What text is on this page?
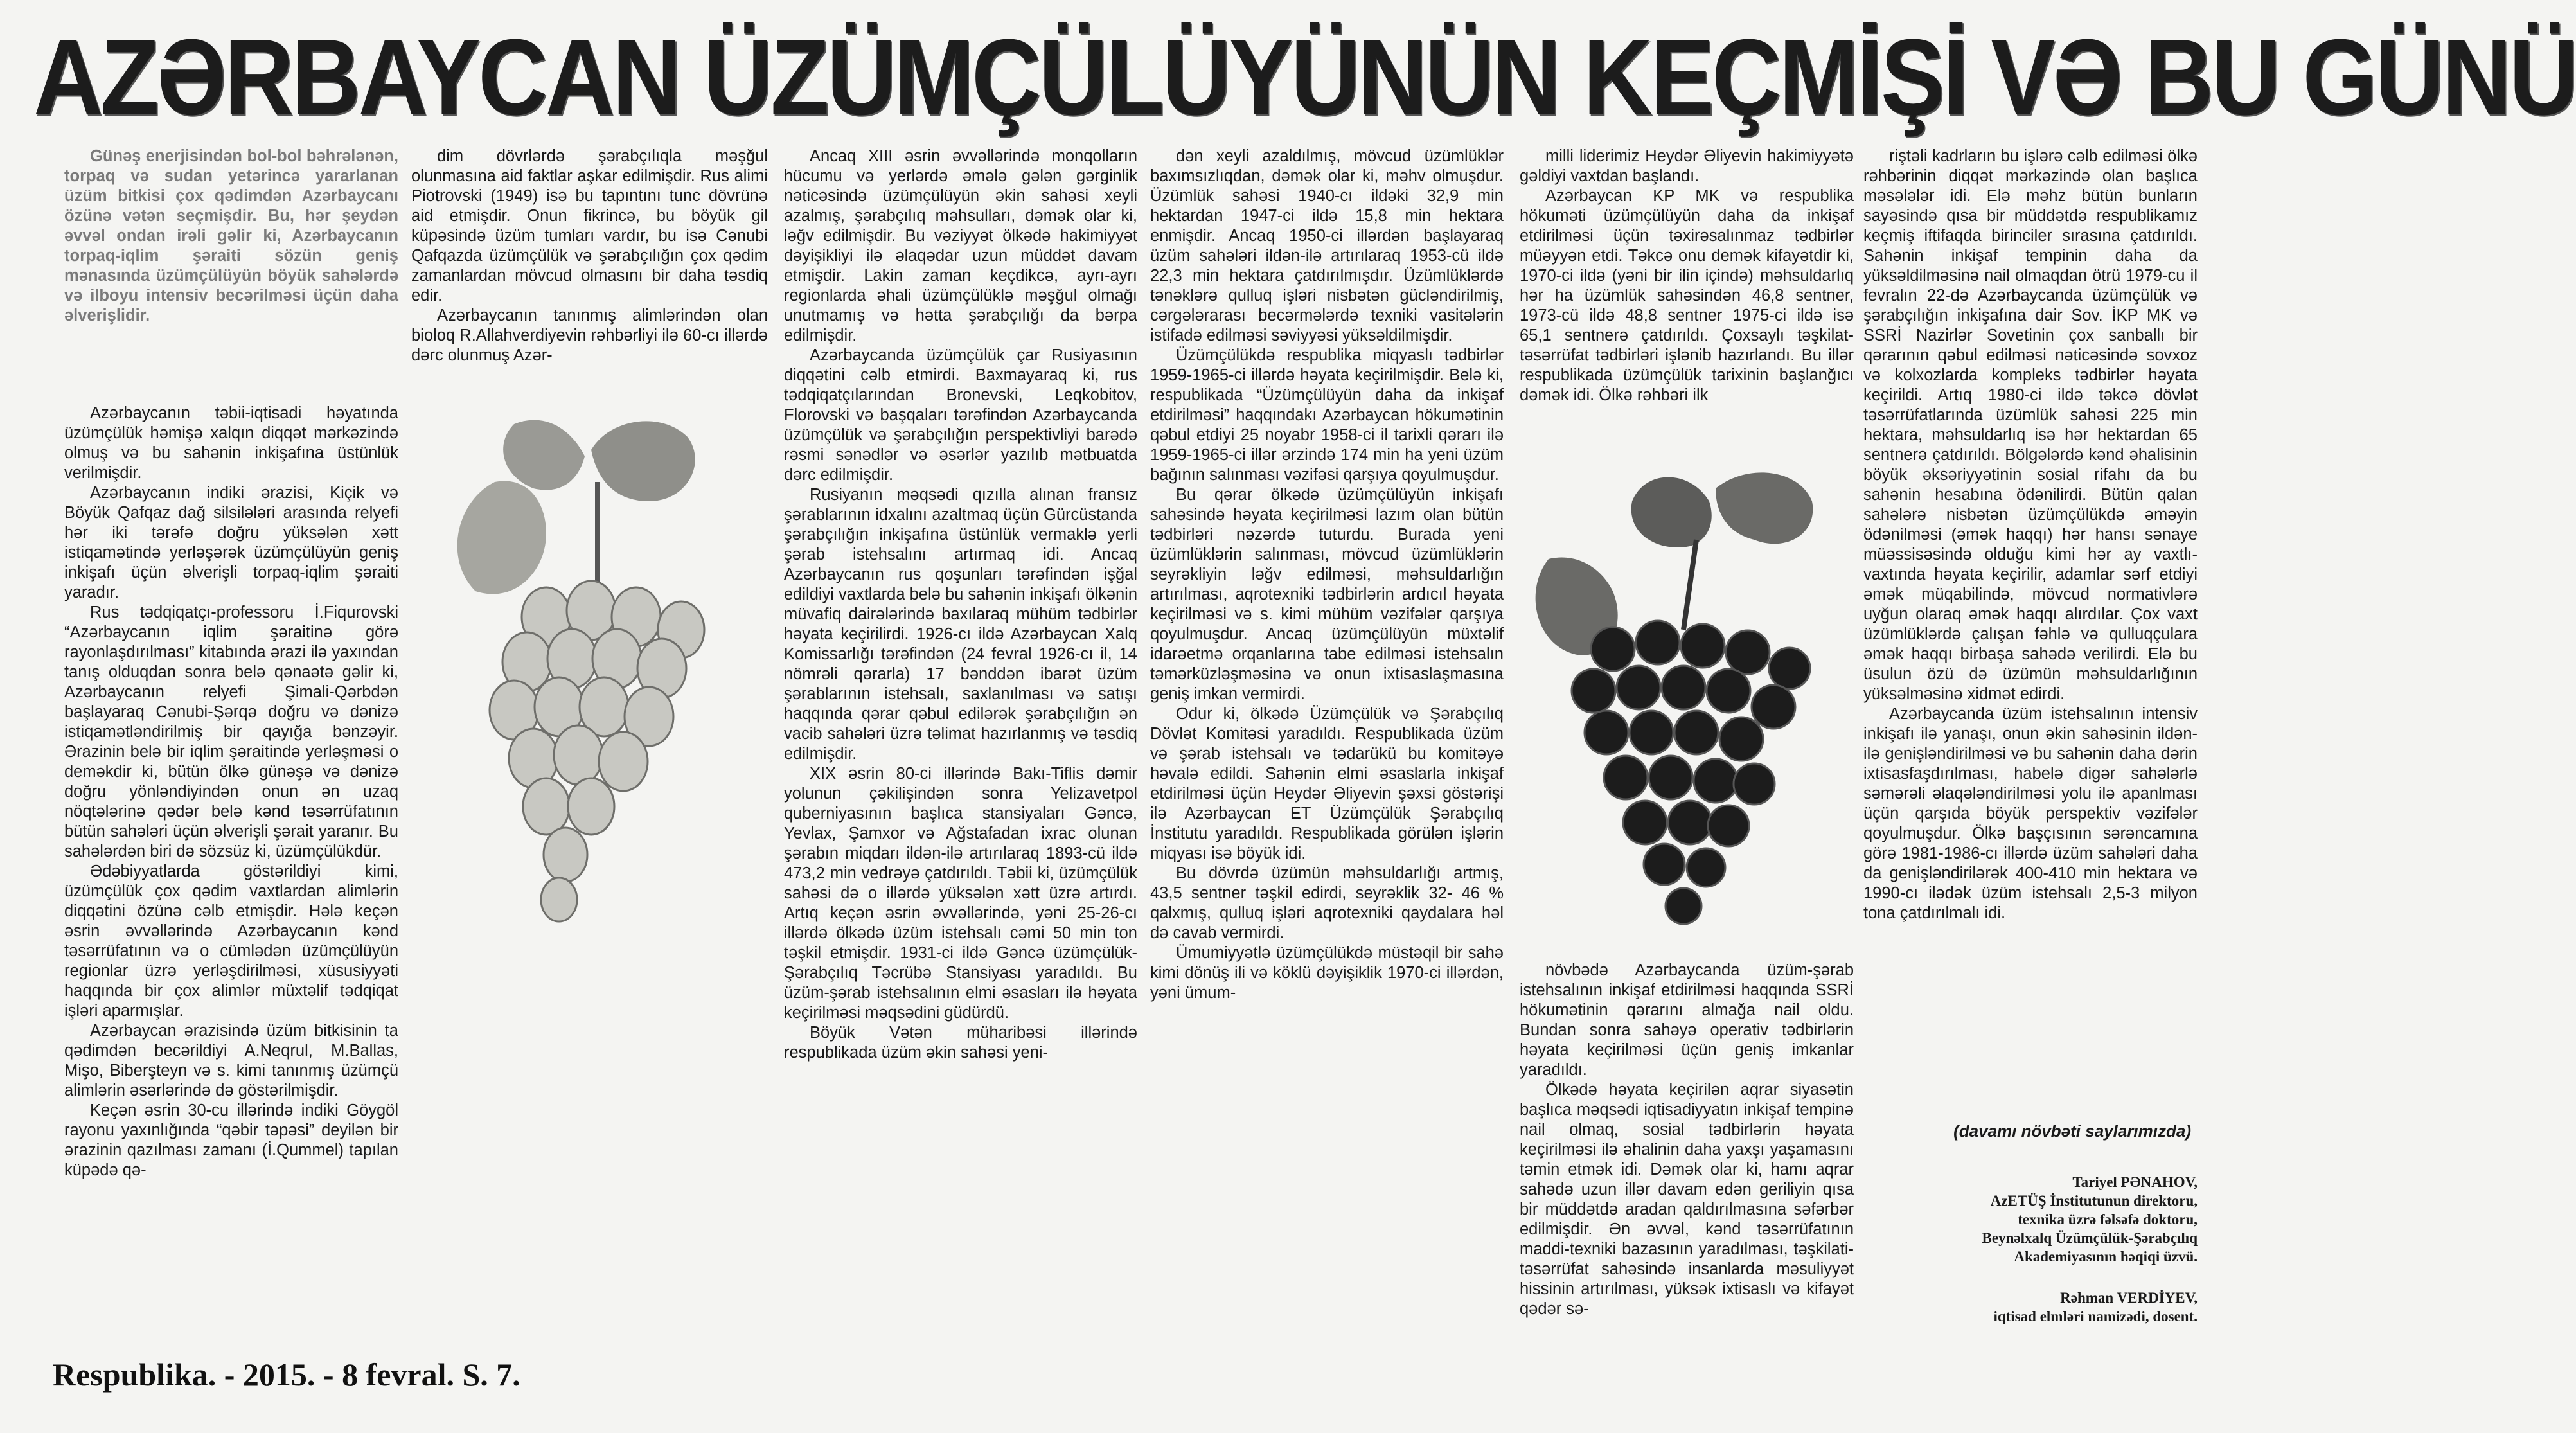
AZƏRBAYCAN ÜZÜMÇÜLÜYÜNÜN KEÇMİŞİ VƏ BU GÜNÜ
Günəş enerjisindən bol-bol bəhrələnən, torpaq və sudan yetərincə yararlanan üzüm bitkisi çox qədimdən Azərbaycanı özünə vətən seçmişdir. Bu, hər şeydən əvvəl ondan irəli gəlir ki, Azərbaycanın torpaq-iqlim şəraiti sözün geniş mənasında üzümçülüyün böyük sahələrdə və ilboyu intensiv becərilməsi üçün daha əlverişlidir.

Azərbaycanın təbii-iqtisadi həyatında üzümçülük həmişə xalqın diqqət mərkəzində olmuş və bu sahənin inkişafına üstünlük verilmişdir.

Azərbaycanın indiki ərazisi, Kiçik və Böyük Qafqaz dağ silsilələri arasında relyefi hər iki tərəfə doğru yüksələn xətt istiqamətində yerləşərək üzümçülüyün geniş inkişafı üçün əlverişli torpaq-iqlim şəraiti yaradır.

Rus tədqiqatçı-professoru İ.Fiqurovski “Azərbaycanın iqlim şəraitinə görə rayonlaşdırılması” kitabında ərazi ilə yaxından tanış olduqdan sonra belə qənaətə gəlir ki, Azərbaycanın relyefi Şimali-Qərbdən başlayaraq Cənubi-Şərqə doğru və dənizə istiqamətləndirilmiş bir qayığa bənzəyir. Ərazinin belə bir iqlim şəraitində yerləşməsi o deməkdir ki, bütün ölkə günəşə və dənizə doğru yönləndiyindən onun ən uzaq nöqtələrinə qədər belə kənd təsərrüfatının bütün sahələri üçün əlverişli şərait yaranır. Bu sahələrdən biri də sözsüz ki, üzümçülükdür.

Ədəbiyyatlarda göstərildiyi kimi, üzümçülük çox qədim vaxtlardan alimlərin diqqətini özünə cəlb etmişdir. Hələ keçən əsrin əvvəllərində Azərbaycanın kənd təsərrüfatının və o cümlədən üzümçülüyün regionlar üzrə yerləşdirilməsi, xüsusiyyəti haqqında bir çox alimlər müxtəlif tədqiqat işləri aparmışlar.

Azərbaycan ərazisində üzüm bitkisinin ta qədimdən becərildiyi A.Neqrul, M.Ballas, Mişo, Biberşteyn və s. kimi tanınmış üzümçü alimlərin əsərlərində də göstərilmişdir.

Keçən əsrin 30-cu illərində indiki Göygöl rayonu yaxınlığında “qəbir təpəsi” deyilən bir ərazinin qazılması zamanı (İ.Qummel) tapılan küpədə qə-

dim dövrlərdə şərabçılıqla məşğul olunmasına aid faktlar aşkar edilmişdir. Rus alimi Piotrovski (1949) isə bu tapıntını tunc dövrünə aid etmişdir. Onun fikrincə, bu böyük gil küpəsində üzüm tumları vardır, bu isə Cənubi Qafqazda üzümçülük və şərabçılığın çox qədim zamanlardan mövcud olmasını bir daha təsdiq edir.

Azərbaycanın tanınmış alimlərindən olan bioloq R.Allahverdiyevin rəhbərliyi ilə 60-cı illərdə dərc olunmuş Azər-

Ancaq XIII əsrin əvvəllərində monqolların hücumu və yerlərdə əmələ gələn gərginlik nəticəsində üzümçülüyün əkin sahəsi xeyli azalmış, şərabçılıq məhsulları, dəmək olar ki, ləğv edilmişdir. Bu vəziyyət ölkədə hakimiyyət dəyişikliyi ilə əlaqədar uzun müddət davam etmişdir. Lakin zaman keçdikcə, ayrı-ayrı regionlarda əhali üzümçülüklə məşğul olmağı unutmamış və hətta şərabçılığı da bərpa edilmişdir.

Azərbaycanda üzümçülük çar Rusiyasının diqqətini cəlb etmirdi. Baxmayaraq ki, rus tədqiqatçılarından Bronevski, Leqkobitov, Florovski və başqaları tərəfindən Azərbaycanda üzümçülük və şərabçılığın perspektivliyi barədə rəsmi sənədlər və əsərlər yazılıb mətbuatda dərc edilmişdir.

Rusiyanın məqsədi qızılla alınan fransız şərablarının idxalını azaltmaq üçün Gürcüstanda şərabçılığın inkişafına üstünlük vermaklə yerli şərab istehsalını artırmaq idi. Ancaq Azərbaycanın rus qoşunları tərəfindən işğal edildiyi vaxtlardа belə bu sahənin inkişafı ölkənin müvafiq dairələrində baxılaraq mühüm tədbirlər həyata keçirilirdi. 1926-cı ildə Azərbaycan Xalq Komissarlığı tərəfindən (24 fevral 1926-cı il, 14 nömrəli qərarla) 17 bənddən ibarət üzüm şərablarının istehsalı, saxlanılması və satışı haqqında qərar qəbul edilərək şərabçılığın ən vacib sahələri üzrə təlimat hazırlanmış və təsdiq edilmişdir.

XIX əsrin 80-ci illərində Bakı-Tiflis dəmir yolunun çəkilişindən sonra Yelizavetpol quberniyasının başlıca stansiyaları Gəncə, Yevlax, Şamxor və Ağstafadan ixrac olunan şərabın miqdarı ildən-ilə artırılaraq 1893-cü ildə 473,2 min vedrəyə çatdırıldı. Təbii ki, üzümçülük sahəsi də o illərdə yüksələn xətt üzrə artırdı. Artıq keçən əsrin əvvəllərində, yəni 25-26-cı illərdə ölkədə üzüm istehsalı cəmi 50 min ton təşkil etmişdir. 1931-ci ildə Gəncə üzümçülük-Şərabçılıq Təcrübə Stansiyası yaradıldı. Bu üzüm-şərab istehsalının elmi əsasları ilə həyata keçirilməsi məqsədini güdürdü.

Böyük Vətən müharibəsi illərində respublikada üzüm əkin sahəsi yeni-

dən xeyli azaldılmış, mövcud üzümlüklər baxımsızlıqdan, dəmək olar ki, məhv olmuşdur. Üzümlük sahəsi 1940-cı ildəki 32,9 min hektardan 1947-ci ildə 15,8 min hektara enmişdir. Ancaq 1950-ci illərdən başlayaraq üzüm sahələri ildən-ilə artırılaraq 1953-cü ildə 22,3 min hektara çatdırılmışdır. Üzümlüklərdə tənəklərə qulluq işləri nisbətən gücləndirilmiş, cərgələrarası becərmələrdə texniki vasitələrin istifadə edilməsi səviyyəsi yüksəldilmişdir.

Üzümçülükdə respublika miqyaslı tədbirlər 1959-1965-ci illərdə həyata keçirilmişdir. Belə ki, respublikada “Üzümçülüyün daha da inkişaf etdirilməsi” haqqındakı Azərbaycan hökumətinin qəbul etdiyi 25 noyabr 1958-ci il tarixli qərarı ilə 1959-1965-ci illər ərzində 174 min ha yeni üzüm bağının salınması vəzifəsi qarşıya qoyulmuşdur.

Bu qərar ölkədə üzümçülüyün inkişafı sahəsində həyata keçirilməsi lazım olan bütün tədbirləri nəzərdə tuturdu. Burada yeni üzümlüklərin salınması, mövcud üzümlüklərin seyrəkliyin ləğv edilməsi, məhsuldarlığın artırılması, aqrotexniki tədbirlərin ardıcıl həyata keçirilməsi və s. kimi mühüm vəzifələr qarşıya qoyulmuşdur. Ancaq üzümçülüyün müxtəlif idarəetmə orqanlarına tabe edilməsi istehsalın təmərküzləşməsinə və onun ixtisaslaşmasına geniş imkan vermirdi.

Odur ki, ölkədə Üzümçülük və Şərabçılıq Dövlət Komitəsi yaradıldı. Respublikada üzüm və şərab istehsalı və tədarükü bu komitəyə həvalə edildi. Sahənin elmi əsaslarla inkişaf etdirilməsi üçün Heydər Əliyevin şəxsi göstərişi ilə Azərbaycan ET Üzümçülük Şərabçılıq İnstitutu yaradıldı. Respublikada görülən işlərin miqyası isə böyük idi.

Bu dövrdə üzümün məhsuldarlığı artmış, 43,5 sentner təşkil edirdi, seyrəklik 32- 46 % qalxmış, qulluq işləri aqrotexniki qaydalara həl də cavab vermirdi.

Ümumiyyətlə üzümçülükdə müstəqil bir sahə kimi dönüş ili və köklü dəyişiklik 1970-ci illərdən, yəni ümum-

milli liderimiz Heydər Əliyevin hakimiyyətə gəldiyi vaxtdan başlandı.

Azərbaycan KP MK və respublika hökuməti üzümçülüyün daha da inkişaf etdirilməsi üçün təxirəsalınmaz tədbirlər müəyyən etdi. Təkcə onu demək kifayətdir ki, 1970-ci ildə (yəni bir ilin içində) məhsuldarlıq hər ha üzümlük sahəsindən 46,8 sentner, 1973-cü ildə 48,8 sentner 1975-ci ildə isə 65,1 sentnerə çatdırıldı. Çoxsaylı təşkilat-təsərrüfat tədbirləri işlənib hazırlandı. Bu illər respublikada üzümçülük tarixinin başlanğıcı dəmək idi. Ölkə rəhbəri ilk

növbədə Azərbaycanda üzüm-şərab istehsalının inkişaf etdirilməsi haqqında SSRİ hökumətinin qərarını almağa nail oldu. Bundan sonra sahəyə operativ tədbirlərin həyata keçirilməsi üçün geniş imkanlar yaradıldı.

Ölkədə həyata keçirilən aqrar siyasətin başlıca məqsədi iqtisadiyyatın inkişaf tempinə nail olmaq, sosial tədbirlərin həyata keçirilməsi ilə əhalinin daha yaxşı yaşamasını təmin etmək idi. Dəmək olar ki, hamı aqrar sahədə uzun illər davam edən geriliyin qısa bir müddətdə aradan qaldırılmasına səfərbər edilmişdir. Ən əvvəl, kənd təsərrüfatının maddi-texniki bazasının yaradılması, təşkilati-təsərrüfat sahəsində insanlarda məsuliyyət hissinin artırılması, yüksək ixtisaslı və kifayət qədər sə-

riştəli kadrların bu işlərə cəlb edilməsi ölkə rəhbərinin diqqət mərkəzində olan başlıca məsələlər idi. Elə məhz bütün bunların sayəsində qısa bir müddətdə respublikamız keçmiş iftifaqda birinciler sırasına çatdırıldı. Sahənin inkişaf tempinin daha da yüksəldilməsinə nail olmaqdan ötrü 1979-cu il fevralın 22-də Azərbaycanda üzümçülük və şərabçılığın inkişafına dair Sov. İKP MK və SSRİ Nazirlər Sovetinin çox sanballı bir qərarının qəbul edilməsi nəticəsində sovxoz və kolxozlarda kompleks tədbirlər həyata keçirildi. Artıq 1980-ci ildə təkcə dövlət təsərrüfatlarında üzümlük sahəsi 225 min hektara, məhsuldarlıq isə hər hektardan 65 sentnerə çatdırıldı. Bölgələrdə kənd əhalisinin böyük əksəriyyətinin sosial rifahı da bu sahənin hesabına ödənilirdi. Bütün qalan sahələrə nisbətən üzümçülükdə əməyin ödənilməsi (əmək haqqı) hər hansı sənaye müəssisəsində olduğu kimi hər ay vaxtlı-vaxtında həyata keçirilir, adamlar sərf etdiyi əmək müqabilində, mövcud normativlərə uyğun olaraq əmək haqqı alırdılar. Çox vaxt üzümlüklərdə çalışan fəhlə və qulluqçulara əmək haqqı birbaşa sahədə verilirdi. Elə bu üsulun özü də üzümün məhsuldarlığının yüksəlməsinə xidmət edirdi.

Azərbaycanda üzüm istehsalının intensiv inkişafı ilə yanaşı, onun əkin sahəsinin ildən-ilə genişləndirilməsi və bu sahənin daha dərin ixtisasfaşdırılması, habelə digər sahələrlə səmərəli əlaqələndirilməsi yolu ilə apanlması üçün qarşıda böyük perspektiv vəzifələr qoyulmuşdur. Ölkə başçısının sərəncamına görə 1981-1986-cı illərdə üzüm sahələri daha da genişləndirilərək 400-410 min hektara və 1990-cı ilədək üzüm istehsalı 2,5-3 milyon tona çatdırılmalı idi.

(davamı növbəti saylarımızda)
Tariyel PƏNAHOV,
AzETÜŞ İnstitutunun direktoru,
texnika üzrə fəlsəfə doktoru,
Beynəlxalq Üzümçülük-Şərabçılıq
Akademiyasının həqiqi üzvü.
Rəhman VERDİYEV,
iqtisad elmləri namizədi, dosent.
Respublika. - 2015. - 8 fevral. S. 7.
